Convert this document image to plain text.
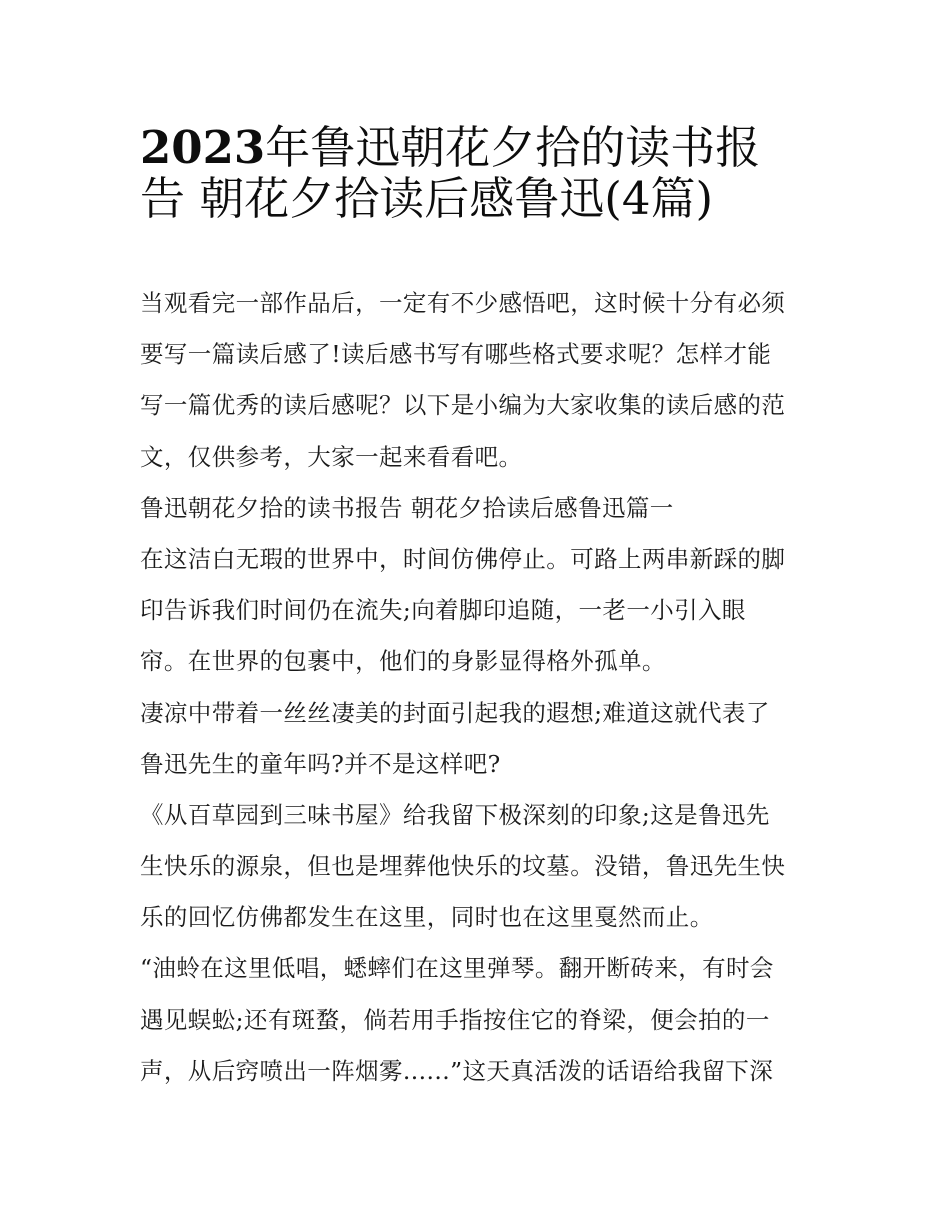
2023年鲁迅朝花夕拾的读书报
告 朝花夕拾读后感鲁迅(4篇)

当观看完一部作品后，一定有不少感悟吧，这时候十分有必须
要写一篇读后感了!读后感书写有哪些格式要求呢？怎样才能
写一篇优秀的读后感呢？以下是小编为大家收集的读后感的范
文，仅供参考，大家一起来看看吧。

鲁迅朝花夕拾的读书报告 朝花夕拾读后感鲁迅篇一

在这洁白无瑕的世界中，时间仿佛停止。可路上两串新踩的脚
印告诉我们时间仍在流失;向着脚印追随，一老一小引入眼
帘。在世界的包裹中，他们的身影显得格外孤单。

凄凉中带着一丝丝凄美的封面引起我的遐想;难道这就代表了
鲁迅先生的童年吗?并不是这样吧?

《从百草园到三味书屋》给我留下极深刻的印象;这是鲁迅先
生快乐的源泉，但也是埋葬他快乐的坟墓。没错，鲁迅先生快
乐的回忆仿佛都发生在这里，同时也在这里戛然而止。

“油蛉在这里低唱，蟋蟀们在这里弹琴。翻开断砖来，有时会
遇见蜈蚣;还有斑蝥，倘若用手指按住它的脊梁，便会拍的一
声，从后窍喷出一阵烟雾......”这天真活泼的话语给我留下深
